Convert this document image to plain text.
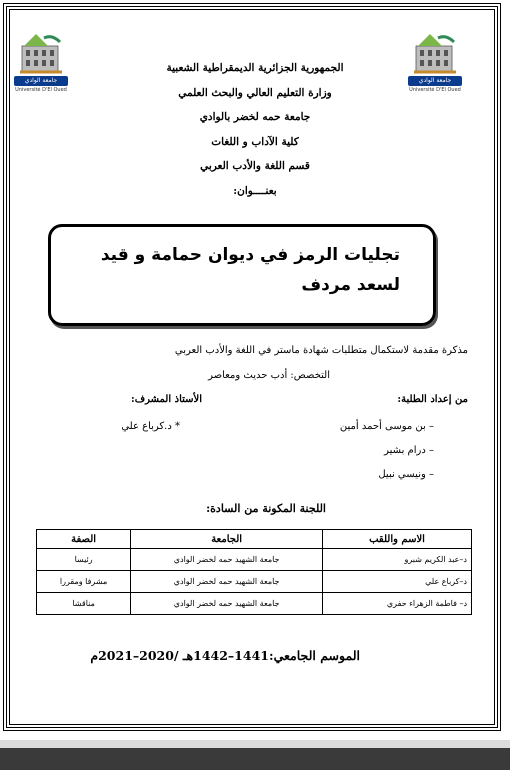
جامعة الوادي
Université D'El Oued
جامعة الوادي
Université D'El Oued
الجمهورية الجزائرية الديمقراطية الشعبية
وزارة التعليم العالي والبحث العلمي
جامعة حمه لخضر بالوادي
كلية الآداب و اللغات
قسم اللغة والأدب العربي
بعنــــوان:
تجليات الرمز في ديوان حمامة و قيد لسعد مردف
مذكرة مقدمة لاستكمال متطلبات شهادة ماستر في اللغة والأدب العربي
التخصص: أدب حديث ومعاصر
من إعداد الطلبة:
– بن موسى أحمد أمين
– درام بشير
– ونيسي نبيل
الأستاذ المشرف:
* د.كرباع علي
اللجنة المكونة من السادة:
الاسم واللقب	الجامعة	الصفة
د–عبد الكريم شبرو	جامعة الشهيد حمه لخضر الوادي	رئيسا
د–كرباع علي	جامعة الشهيد حمه لخضر الوادي	مشرفا ومقررا
د– فاطمة الزهراء حفري	جامعة الشهيد حمه لخضر الوادي	مناقشا
الموسم الجامعي:1441–1442هـ /2020–2021م
